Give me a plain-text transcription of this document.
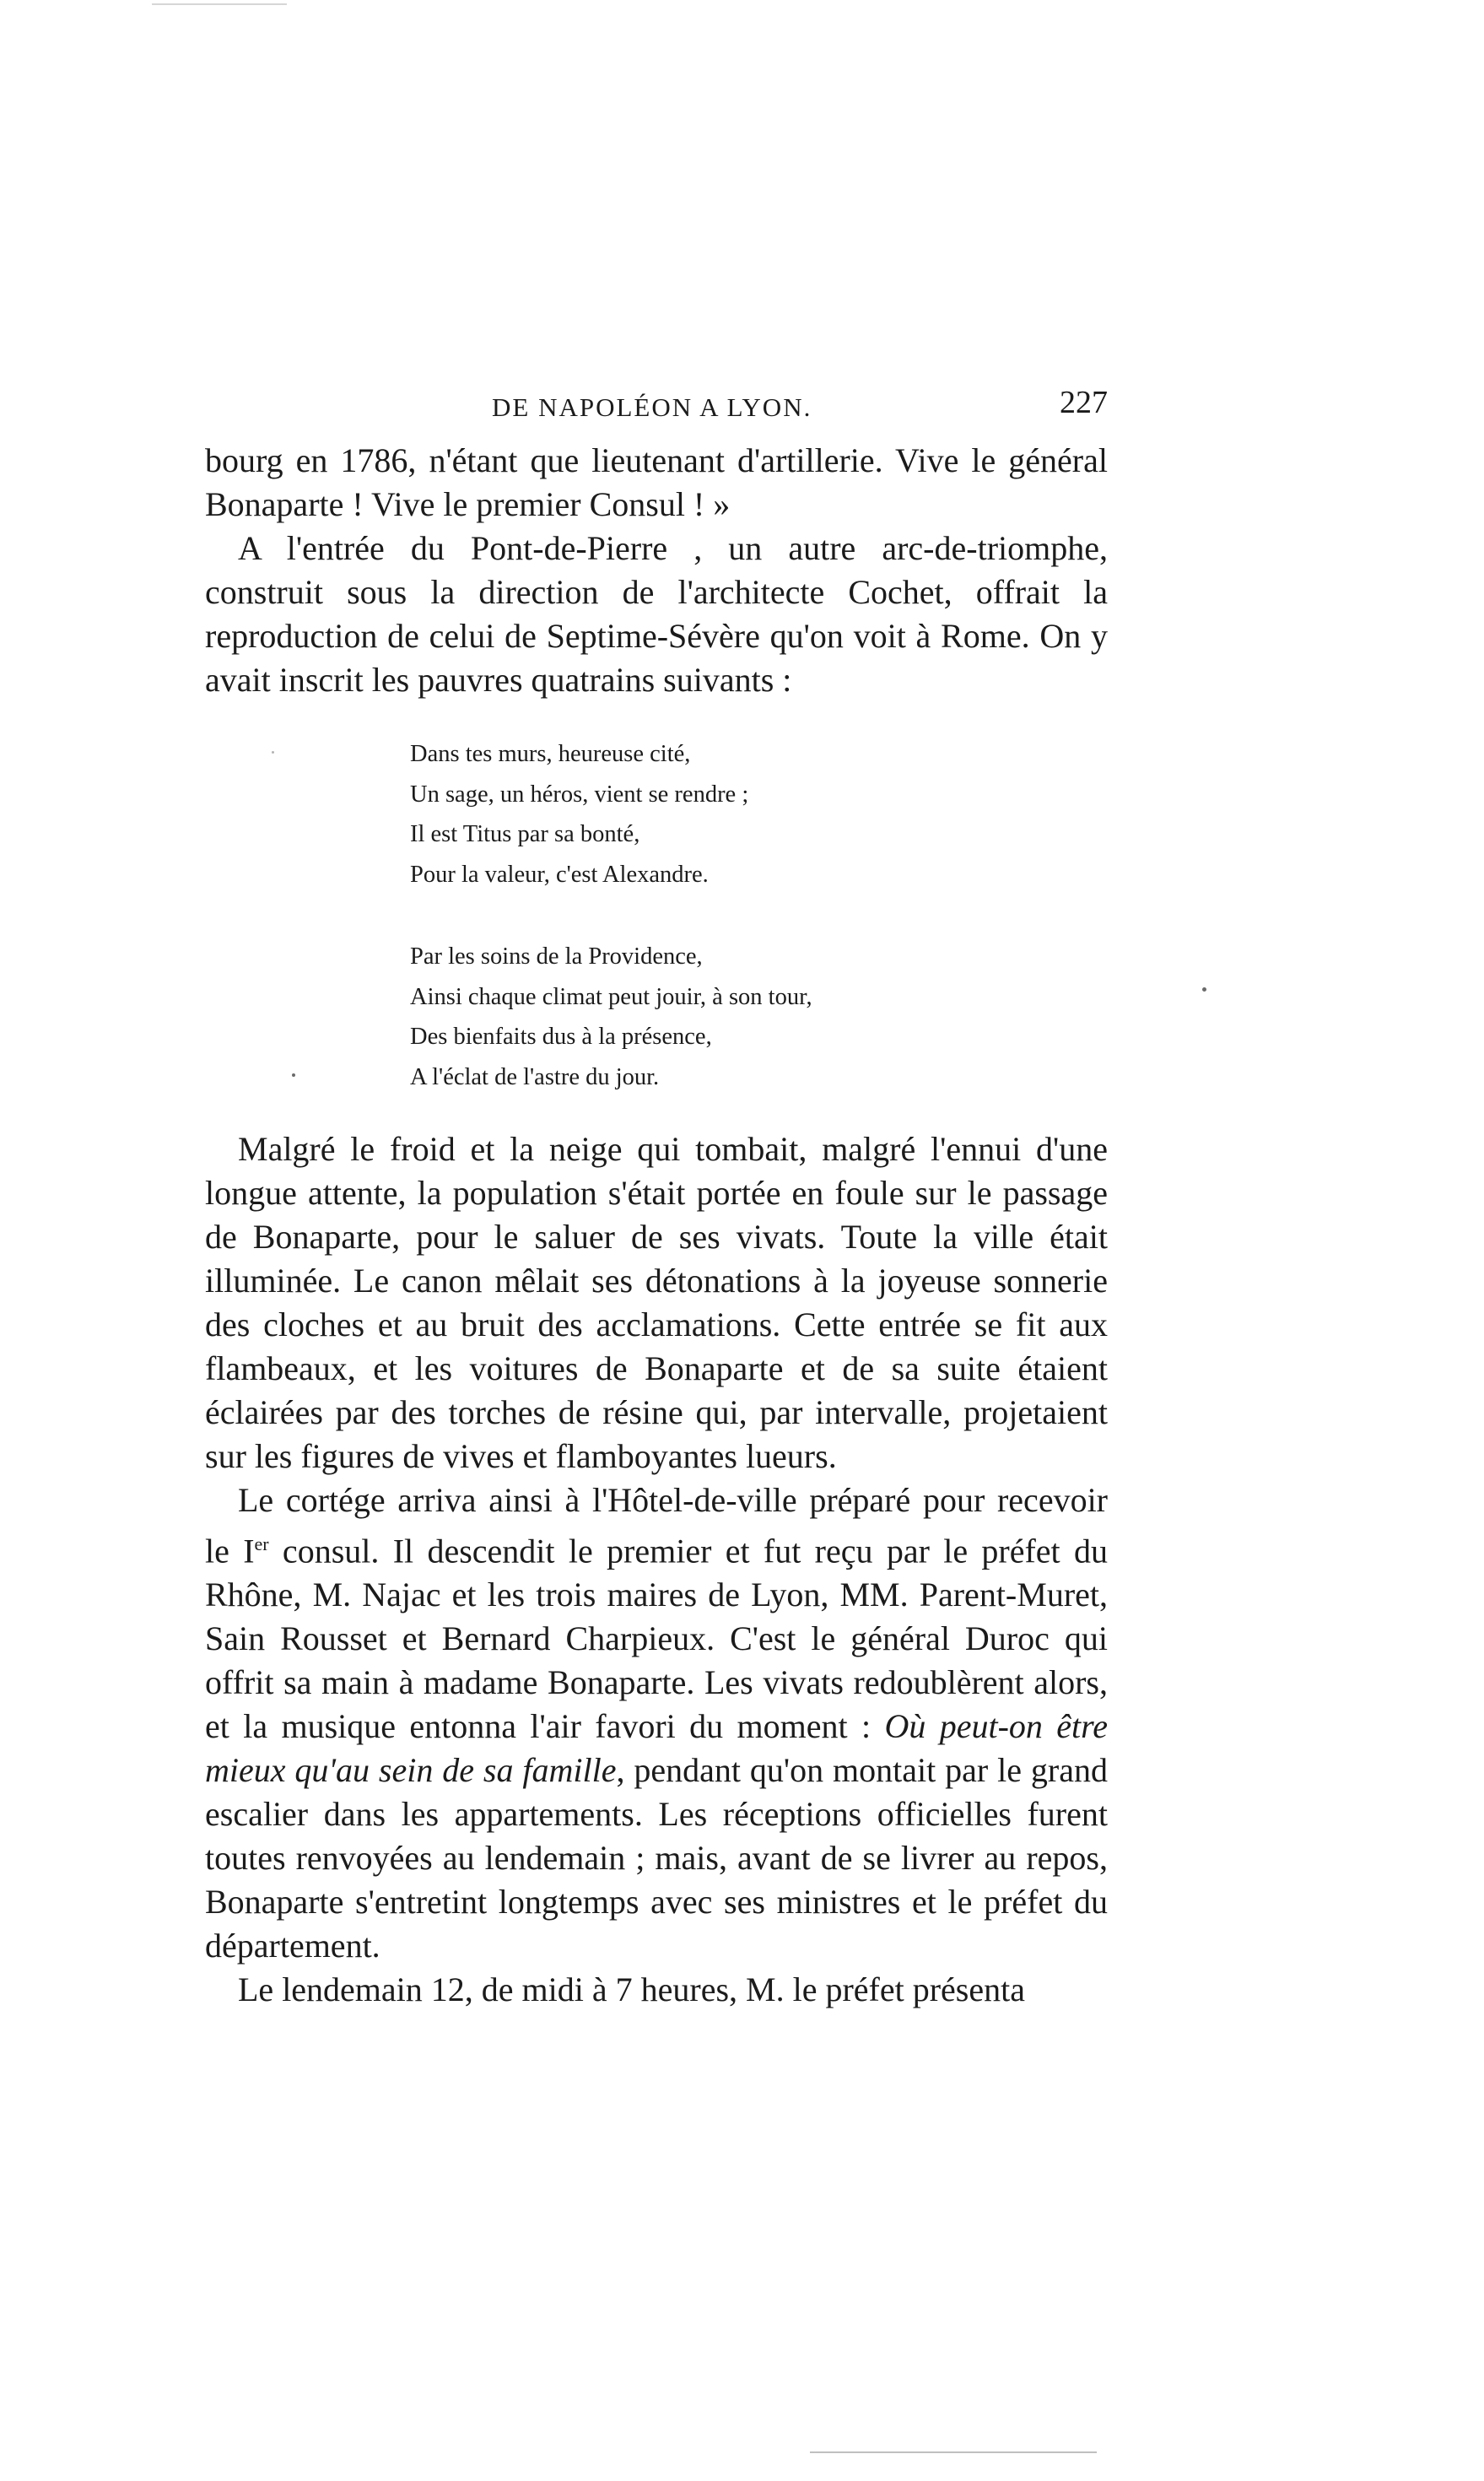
DE NAPOLÉON A LYON.	227

bourg en 1786, n'étant que lieutenant d'artillerie. Vive le général Bonaparte ! Vive le premier Consul ! »

A l'entrée du Pont-de-Pierre , un autre arc-de-triomphe, construit sous la direction de l'architecte Cochet, offrait la reproduction de celui de Septime-Sévère qu'on voit à Rome. On y avait inscrit les pauvres quatrains suivants :

Dans tes murs, heureuse cité,
Un sage, un héros, vient se rendre ;
Il est Titus par sa bonté,
Pour la valeur, c'est Alexandre.
Par les soins de la Providence,
Ainsi chaque climat peut jouir, à son tour,
Des bienfaits dus à la présence,
A l'éclat de l'astre du jour.

Malgré le froid et la neige qui tombait, malgré l'ennui d'une longue attente, la population s'était portée en foule sur le passage de Bonaparte, pour le saluer de ses vivats. Toute la ville était illuminée. Le canon mêlait ses détonations à la joyeuse sonnerie des cloches et au bruit des acclamations. Cette entrée se fit aux flambeaux, et les voitures de Bonaparte et de sa suite étaient éclairées par des torches de résine qui, par intervalle, projetaient sur les figures de vives et flamboyantes lueurs.

Le cortége arriva ainsi à l'Hôtel-de-ville préparé pour recevoir le Ier consul. Il descendit le premier et fut reçu par le préfet du Rhône, M. Najac et les trois maires de Lyon, MM. Parent-Muret, Sain Rousset et Bernard Charpieux. C'est le général Duroc qui offrit sa main à madame Bonaparte. Les vivats redoublèrent alors, et la musique entonna l'air favori du moment : Où peut-on être mieux qu'au sein de sa famille, pendant qu'on montait par le grand escalier dans les appartements. Les réceptions officielles furent toutes renvoyées au lendemain ; mais, avant de se livrer au repos, Bonaparte s'entretint longtemps avec ses ministres et le préfet du département.

Le lendemain 12, de midi à 7 heures, M. le préfet présenta
